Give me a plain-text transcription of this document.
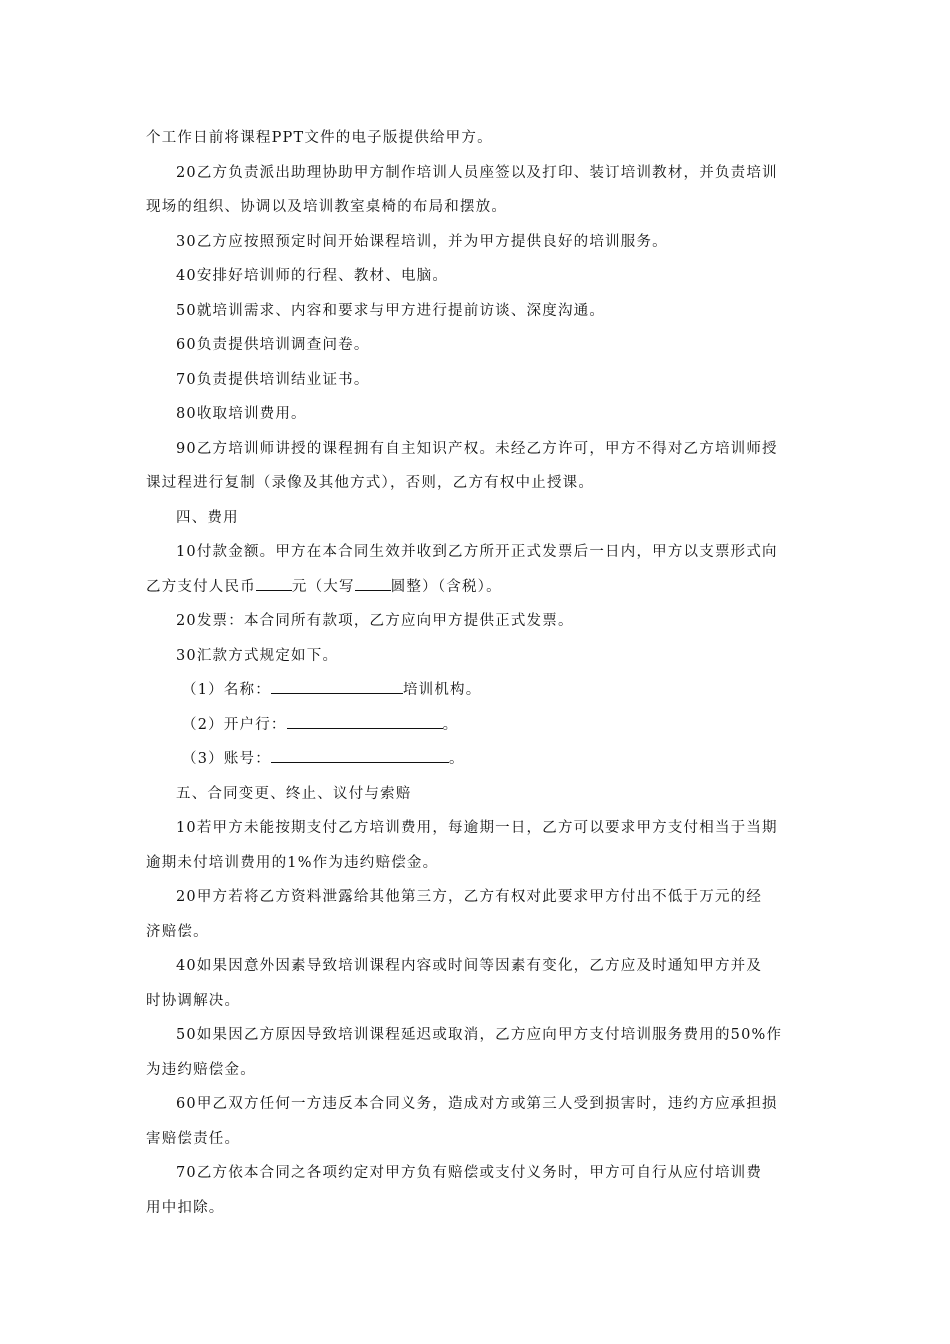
个工作日前将课程PPT文件的电子版提供给甲方。
20乙方负责派出助理协助甲方制作培训人员座签以及打印、装订培训教材，并负责培训
现场的组织、协调以及培训教室桌椅的布局和摆放。
30乙方应按照预定时间开始课程培训，并为甲方提供良好的培训服务。
40安排好培训师的行程、教材、电脑。
50就培训需求、内容和要求与甲方进行提前访谈、深度沟通。
60负责提供培训调查问卷。
70负责提供培训结业证书。
80收取培训费用。
90乙方培训师讲授的课程拥有自主知识产权。未经乙方许可，甲方不得对乙方培训师授
课过程进行复制（录像及其他方式），否则，乙方有权中止授课。
四、费用
10付款金额。甲方在本合同生效并收到乙方所开正式发票后一日内，甲方以支票形式向
乙方支付人民币 元（大写 圆整）（含税）。
20发票：本合同所有款项，乙方应向甲方提供正式发票。
30汇款方式规定如下。
（1）名称：	培训机构。
（2）开户行：	。
（3）账号：	。
五、合同变更、终止、议付与索赔
10若甲方未能按期支付乙方培训费用，每逾期一日，乙方可以要求甲方支付相当于当期
逾期未付培训费用的1%作为违约赔偿金。
20甲方若将乙方资料泄露给其他第三方，乙方有权对此要求甲方付出不低于万元的经
济赔偿。
40如果因意外因素导致培训课程内容或时间等因素有变化，乙方应及时通知甲方并及
时协调解决。
50如果因乙方原因导致培训课程延迟或取消，乙方应向甲方支付培训服务费用的50%作
为违约赔偿金。
60甲乙双方任何一方违反本合同义务，造成对方或第三人受到损害时，违约方应承担损
害赔偿责任。
70乙方依本合同之各项约定对甲方负有赔偿或支付义务时，甲方可自行从应付培训费
用中扣除。
